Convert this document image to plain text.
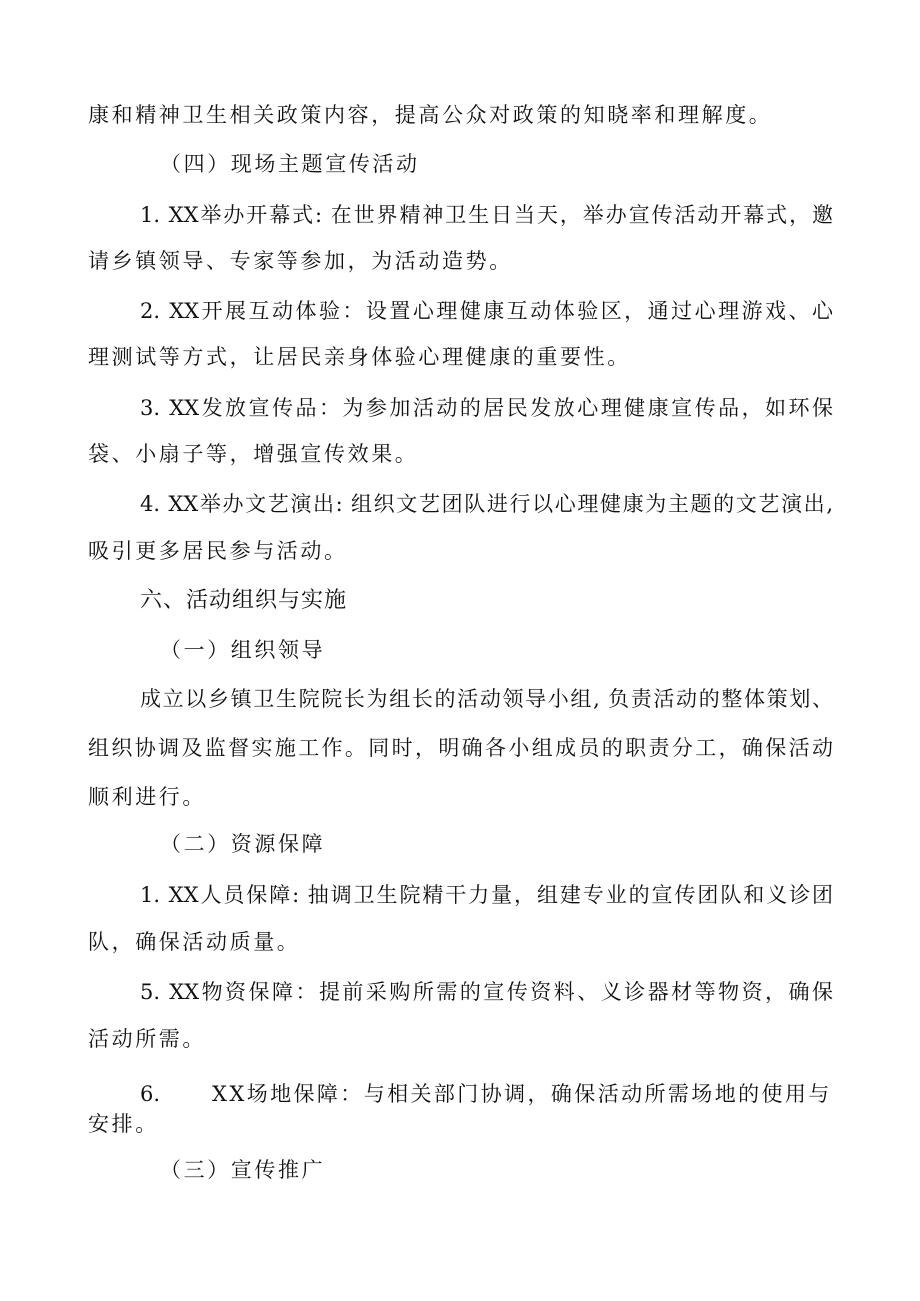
康和精神卫生相关政策内容，提高公众对政策的知晓率和理解度。
（四）现场主题宣传活动
1. XX举办开幕式: 在世界精神卫生日当天，举办宣传活动开幕式，邀
请乡镇领导、专家等参加，为活动造势。
2. XX开展互动体验：设置心理健康互动体验区，通过心理游戏、心
理测试等方式，让居民亲身体验心理健康的重要性。
3. XX发放宣传品：为参加活动的居民发放心理健康宣传品，如环保
袋、小扇子等，增强宣传效果。
4. XX举办文艺演出: 组织文艺团队进行以心理健康为主题的文艺演出,
吸引更多居民参与活动。
六、活动组织与实施
（一）组织领导
成立以乡镇卫生院院长为组长的活动领导小组, 负责活动的整体策划、
组织协调及监督实施工作。同时，明确各小组成员的职责分工，确保活动
顺利进行。
（二）资源保障
1. XX人员保障: 抽调卫生院精干力量，组建专业的宣传团队和义诊团
队，确保活动质量。
5. XX物资保障：提前采购所需的宣传资料、义诊器材等物资，确保
活动所需。
6. XX场地保障：与相关部门协调，确保活动所需场地的使用与
安排。
（三）宣传推广
